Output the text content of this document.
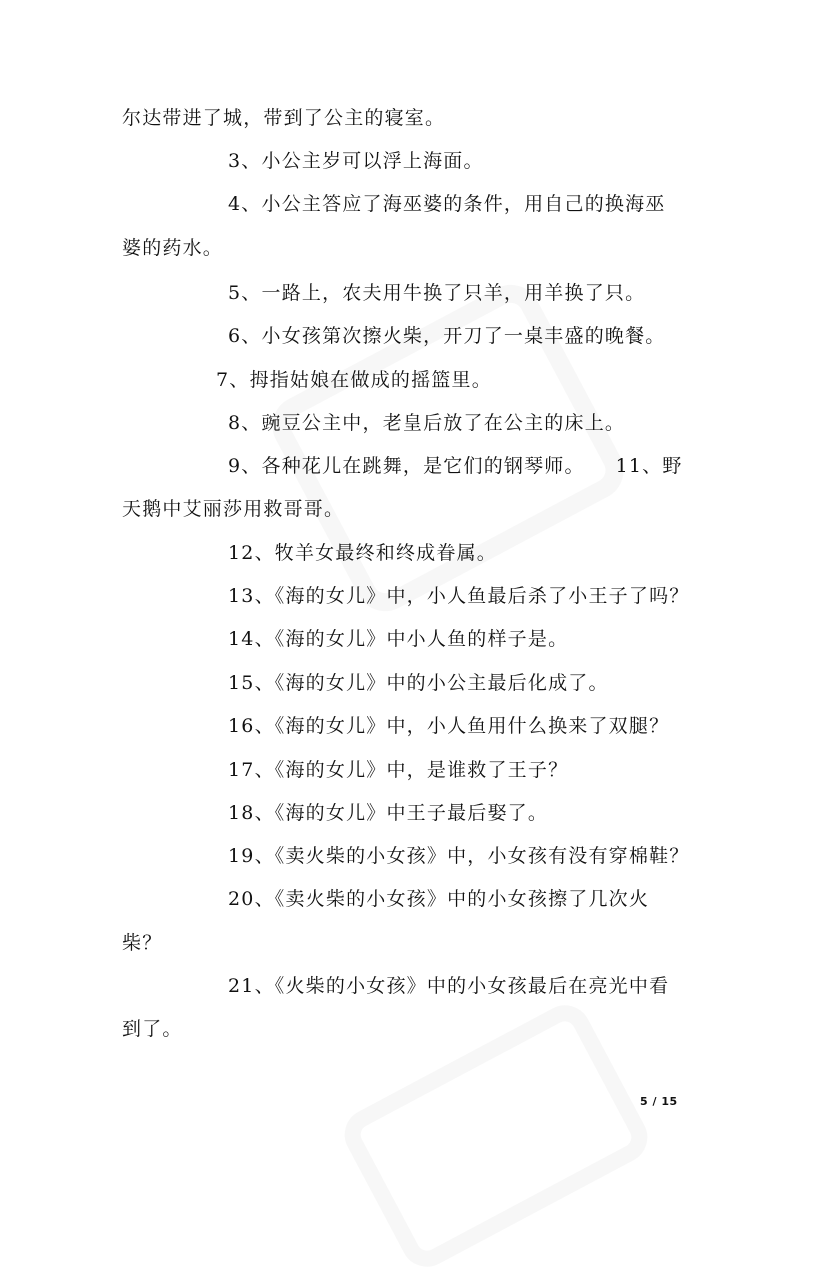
尔达带进了城，带到了公主的寝室。
3、小公主岁可以浮上海面。
4、小公主答应了海巫婆的条件，用自己的换海巫
婆的药水。
5、一路上，农夫用牛换了只羊，用羊换了只。
6、小女孩第次擦火柴，开刀了一桌丰盛的晚餐。
7、拇指姑娘在做成的摇篮里。
8、豌豆公主中，老皇后放了在公主的床上。
9、各种花儿在跳舞，是它们的钢琴师。　　11、野
天鹅中艾丽莎用救哥哥。
12、牧羊女最终和终成眷属。
13、《海的女儿》中，小人鱼最后杀了小王子了吗？
14、《海的女儿》中小人鱼的样子是。
15、《海的女儿》中的小公主最后化成了。
16、《海的女儿》中，小人鱼用什么换来了双腿？
17、《海的女儿》中，是谁救了王子？
18、《海的女儿》中王子最后娶了。
19、《卖火柴的小女孩》中，小女孩有没有穿棉鞋？
20、《卖火柴的小女孩》中的小女孩擦了几次火
柴？
21、《火柴的小女孩》中的小女孩最后在亮光中看
到了。
5 / 15
